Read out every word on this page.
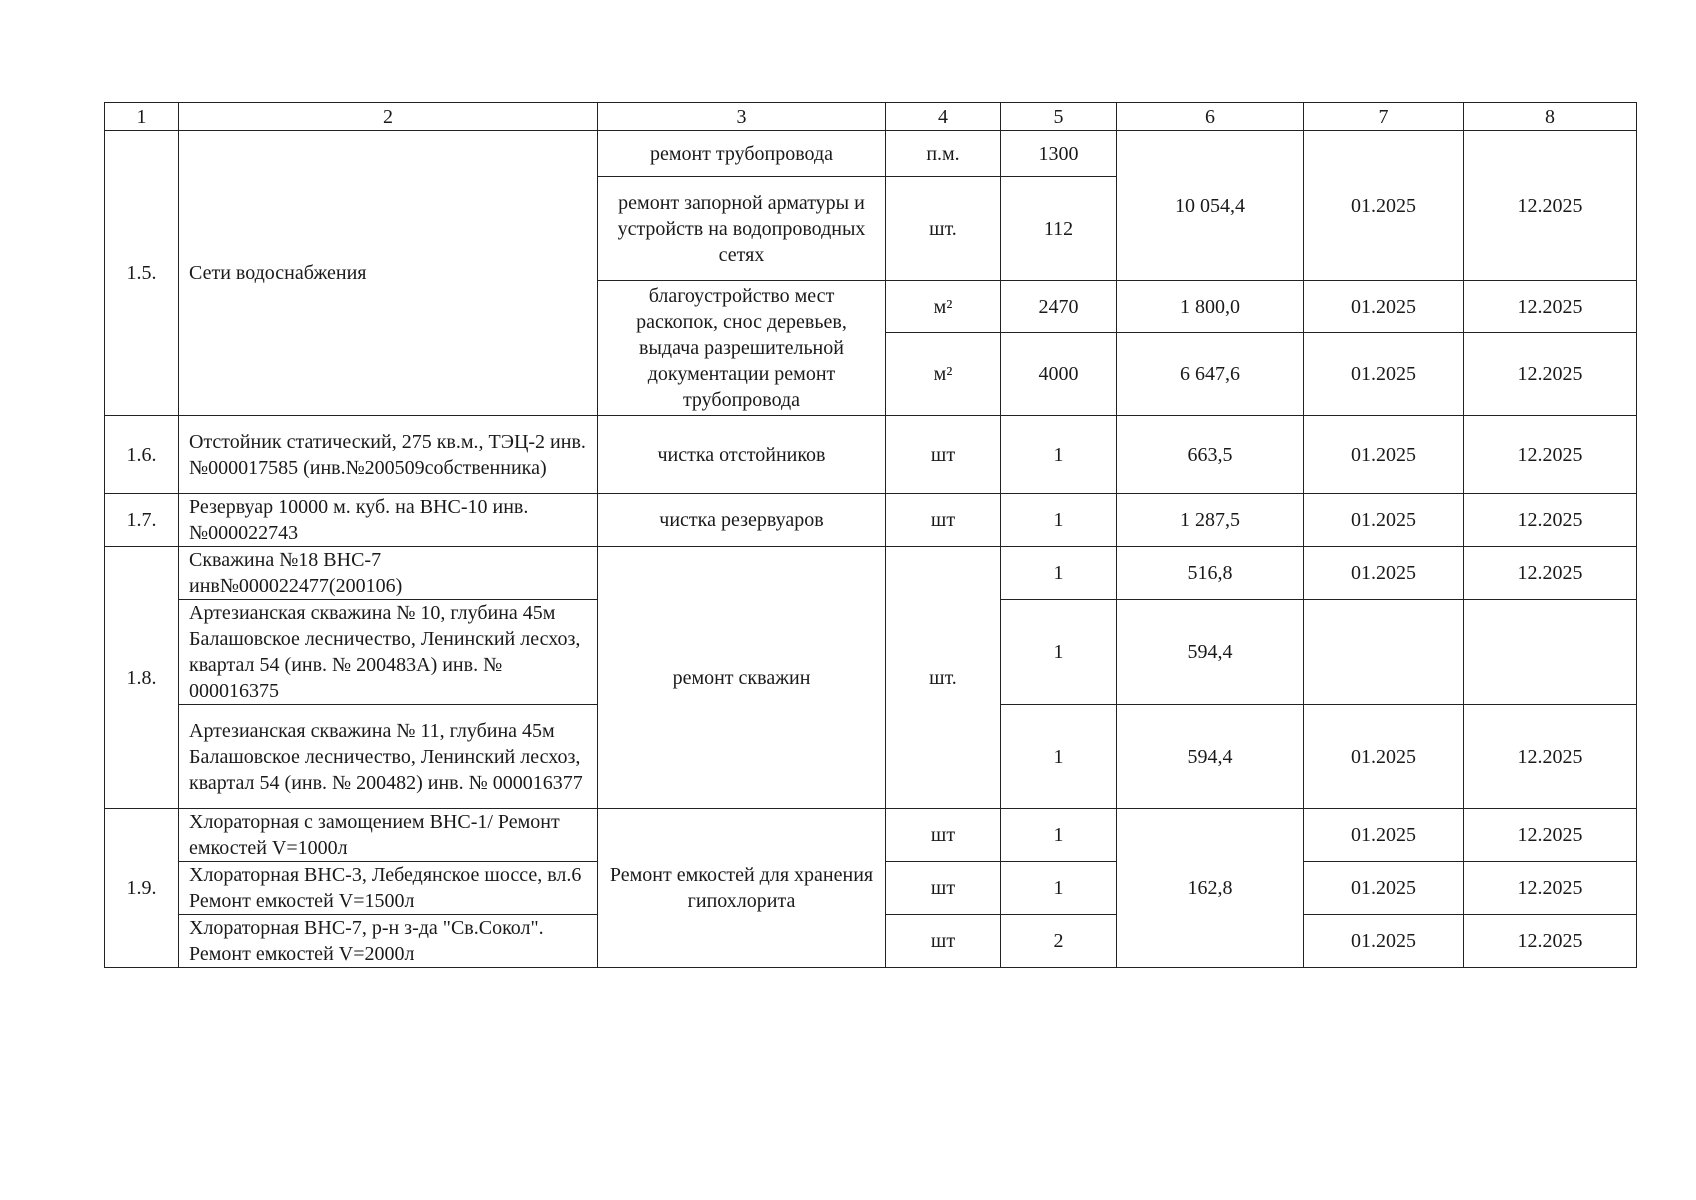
1	2	3	4	5	6	7	8
1.5.	Сети водоснабжения	ремонт трубопровода	п.м.	1300	10 054,4	01.2025	12.2025
		ремонт запорной арматуры и устройств на водопроводных сетях	шт.	112			
		благоустройство мест раскопок, снос деревьев, выдача разрешительной документации ремонт трубопровода	м²	2470	1 800,0	01.2025	12.2025
			м²	4000	6 647,6	01.2025	12.2025
1.6.	Отстойник статический, 275 кв.м., ТЭЦ-2 инв.№000017585 (инв.№200509собственника)	чистка отстойников	шт	1	663,5	01.2025	12.2025
1.7.	Резервуар 10000 м. куб. на ВНС-10 инв.№000022743	чистка резервуаров	шт	1	1 287,5	01.2025	12.2025
1.8.	Скважина №18 ВНС-7 инв№000022477(200106)	ремонт скважин	шт.	1	516,8	01.2025	12.2025
	Артезианская скважина № 10, глубина 45м Балашовское лесничество, Ленинский лесхоз, квартал 54 (инв. № 200483А) инв. № 000016375			1	594,4		
	Артезианская скважина № 11, глубина 45м Балашовское лесничество, Ленинский лесхоз, квартал 54 (инв. № 200482) инв. № 000016377			1	594,4	01.2025	12.2025
1.9.	Хлораторная с замощением ВНС-1/ Ремонт емкостей V=1000л	Ремонт емкостей для хранения гипохлорита	шт	1	162,8	01.2025	12.2025
	Хлораторная ВНС-3, Лебедянское шоссе, вл.6 Ремонт емкостей V=1500л		шт	1		01.2025	12.2025
	Хлораторная ВНС-7, р-н з-да "Св.Сокол". Ремонт емкостей V=2000л		шт	2		01.2025	12.2025
